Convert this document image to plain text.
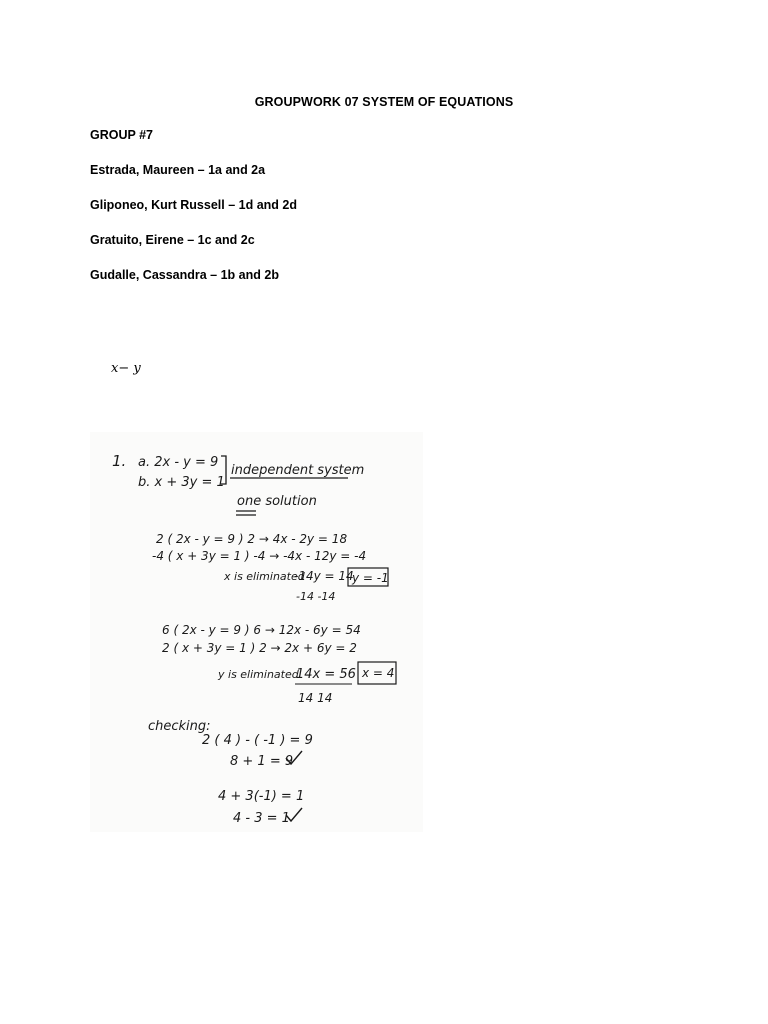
GROUPWORK 07 SYSTEM OF EQUATIONS
GROUP #7
Estrada, Maureen – 1a and 2a
Gliponeo, Kurt Russell – 1d and 2d
Gratuito, Eirene – 1c and 2c
Gudalle, Cassandra – 1b and 2b
x− y
1. a. 2x - y = 9
b. x + 3y = 1
independent system
one solution
2 ( 2x - y = 9 ) 2 → 4x - 2y = 18
-4 ( x + 3y = 1 ) -4 → -4x - 12y = -4
x is eliminated
-14y = 14
-14 -14
y = -1
6 ( 2x - y = 9 ) 6 → 12x - 6y = 54
2 ( x + 3y = 1 ) 2 → 2x + 6y = 2
y is eliminated
14x = 56
14 14
x = 4
checking:
2 ( 4 ) - ( -1 ) = 9
8 + 1 = 9
4 + 3(-1) = 1
4 - 3 = 1
